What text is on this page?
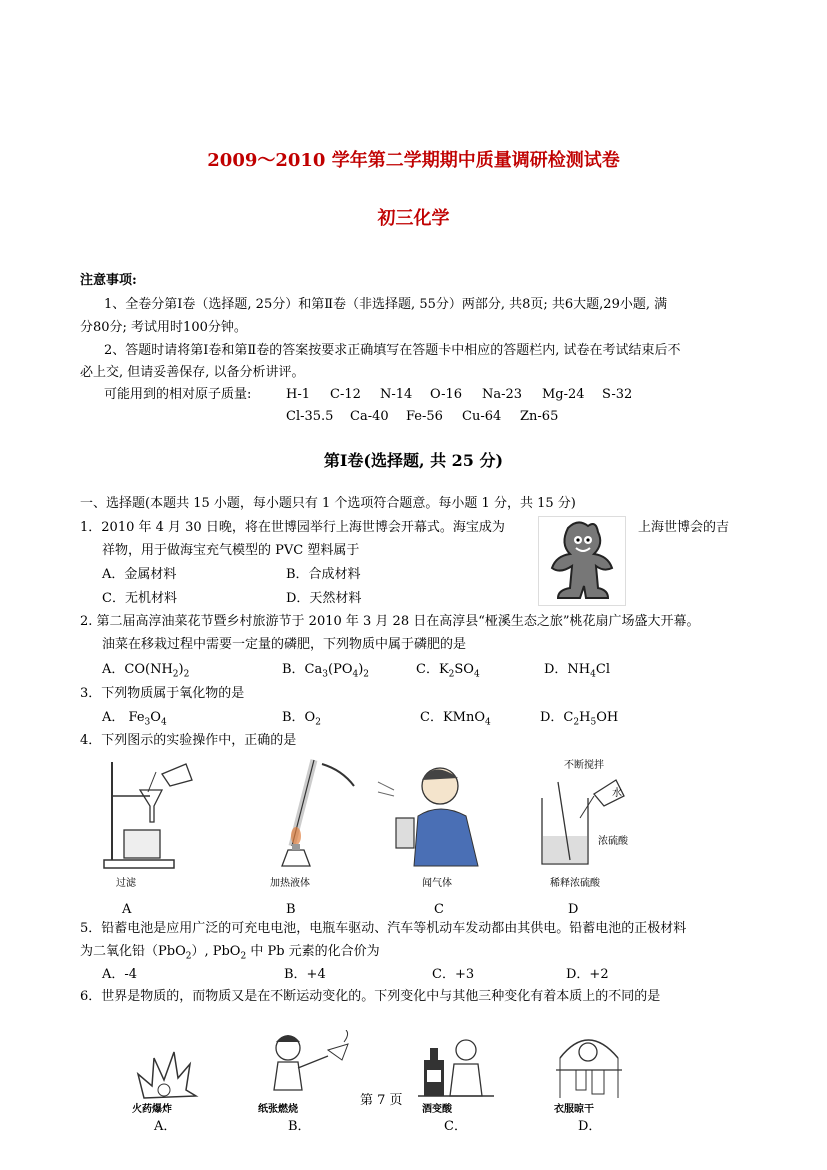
2009～2010 学年第二学期期中质量调研检测试卷
初三化学
注意事项:
1、全卷分第Ⅰ卷（选择题, 25分）和第Ⅱ卷（非选择题, 55分）两部分, 共8页; 共6大题,29小题, 满
分80分; 考试用时100分钟。
2、答题时请将第Ⅰ卷和第Ⅱ卷的答案按要求正确填写在答题卡中相应的答题栏内, 试卷在考试结束后不
必上交, 但请妥善保存, 以备分析讲评。
可能用到的相对原子质量:	H-1 C-12 N-14 O-16 Na-23 Mg-24 S-32
Cl-35.5 Ca-40 Fe-56 Cu-64 Zn-65
第Ⅰ卷(选择题, 共 25 分)
一、选择题(本题共 15 小题，每小题只有 1 个选项符合题意。每小题 1 分，共 15 分)
1．2010 年 4 月 30 日晚，将在世博园举行上海世博会开幕式。海宝成为	上海世博会的吉
祥物，用于做海宝充气模型的 PVC 塑料属于
A．金属材料	B．合成材料
C．无机材料	D．天然材料
2. 第二届高淳油菜花节暨乡村旅游节于 2010 年 3 月 28 日在高淳县“桠溪生态之旅”桃花扇广场盛大开幕。
油菜在移栽过程中需要一定量的磷肥，下列物质中属于磷肥的是
A．$CO(NH_2)_2$	B．$Ca_3(PO_4)_2$	C．$K_2SO_4$	D．$NH_4Cl$
3．下列物质属于氧化物的是
A． $Fe_3O_4$	B．$O_2$	C．KMnO$_4$	D．$C_2H_5OH$
4．下列图示的实验操作中，正确的是
过滤	加热液体	闻气体
不断搅拌
水
浓硫酸
稀释浓硫酸
A	B	C	D
5．铅蓄电池是应用广泛的可充电电池，电瓶车驱动、汽车等机动车发动都由其供电。铅蓄电池的正极材料
为二氧化铅（PbO$_2$）, PbO$_2$ 中 Pb 元素的化合价为
A．-4	B．+4	C．+3	D．+2
6．世界是物质的，而物质又是在不断运动变化的。下列变化中与其他三种变化有着本质上的不同的是
火药爆炸	纸张燃烧
第 7 页
酒变酸	衣服晾干
A．	B．	C．	D．
